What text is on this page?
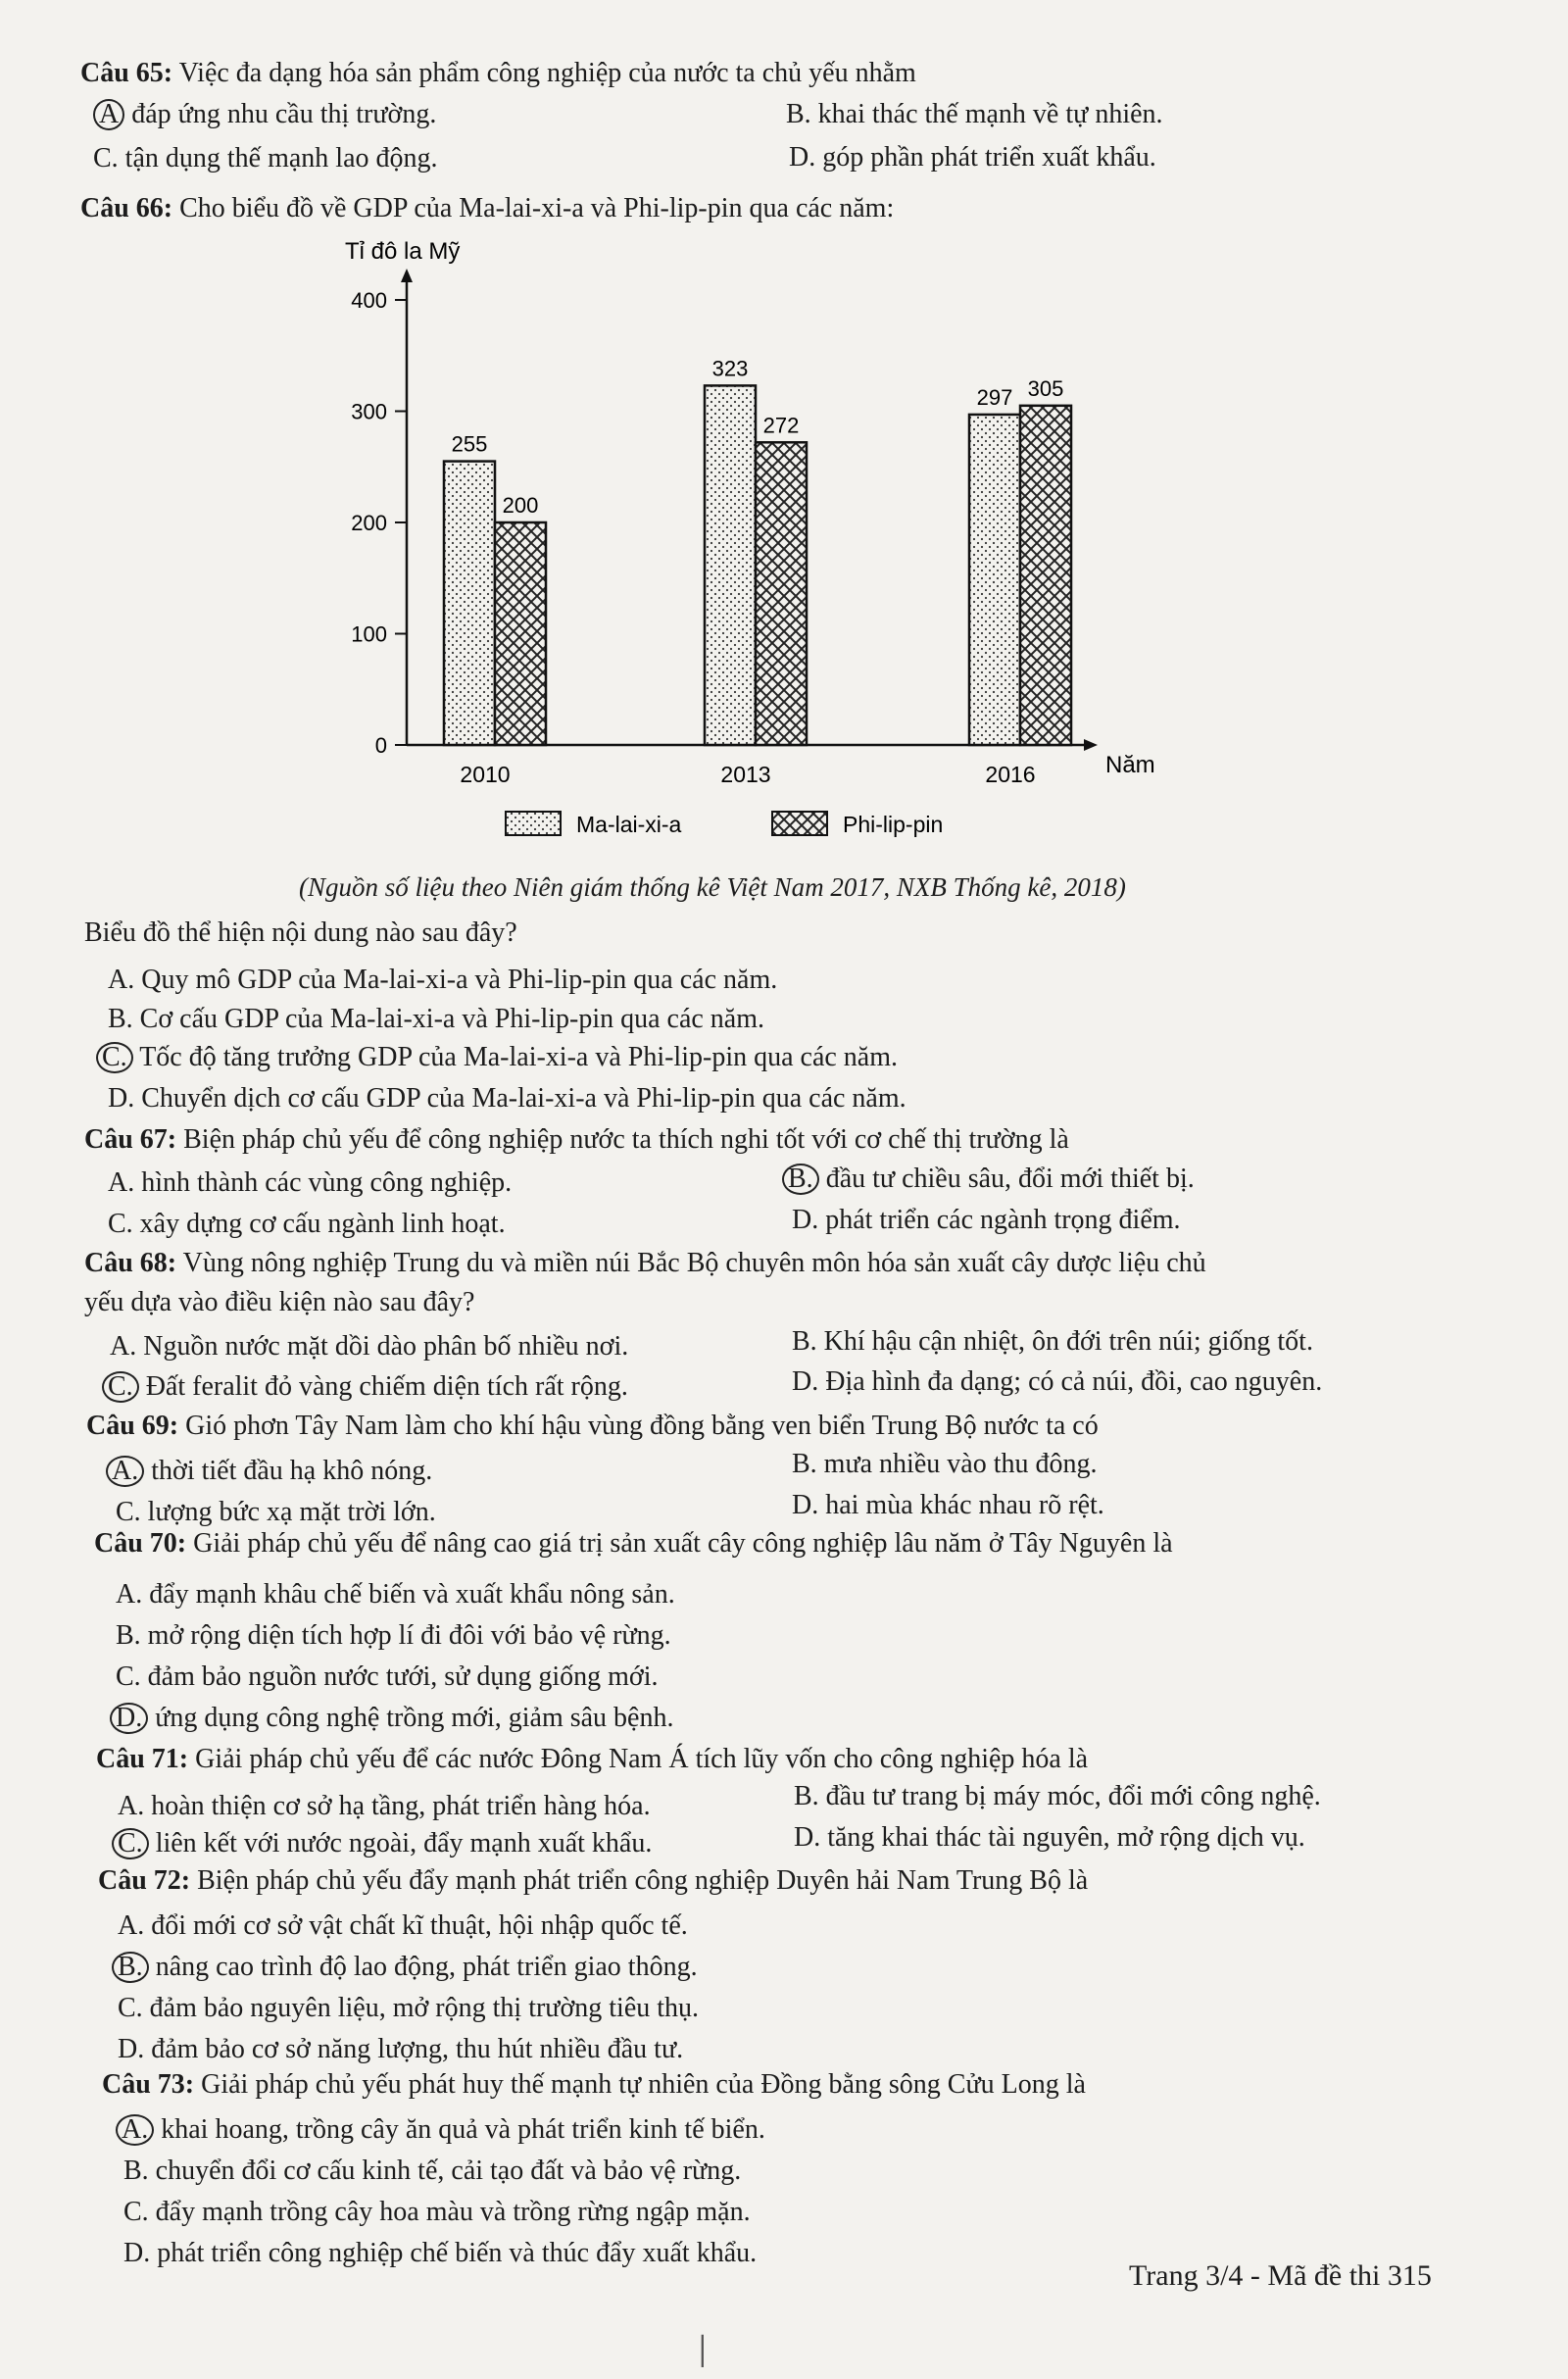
Câu 65: Việc đa dạng hóa sản phẩm công nghiệp của nước ta chủ yếu nhằm
A đáp ứng nhu cầu thị trường.	B. khai thác thế mạnh về tự nhiên.
C. tận dụng thế mạnh lao động.	D. góp phần phát triển xuất khẩu.
Câu 66: Cho biểu đồ về GDP của Ma-lai-xi-a và Phi-lip-pin qua các năm:
Tỉ đô la Mỹ
Năm
0
100
200
300
400
255
200
323
272
297 305
2010	2013	2016
Ma-lai-xi-a	Phi-lip-pin
(Nguồn số liệu theo Niên giám thống kê Việt Nam 2017, NXB Thống kê, 2018)
Biểu đồ thể hiện nội dung nào sau đây?
A. Quy mô GDP của Ma-lai-xi-a và Phi-lip-pin qua các năm.
B. Cơ cấu GDP của Ma-lai-xi-a và Phi-lip-pin qua các năm.
C. Tốc độ tăng trưởng GDP của Ma-lai-xi-a và Phi-lip-pin qua các năm.
D. Chuyển dịch cơ cấu GDP của Ma-lai-xi-a và Phi-lip-pin qua các năm.
Câu 67: Biện pháp chủ yếu để công nghiệp nước ta thích nghi tốt với cơ chế thị trường là
A. hình thành các vùng công nghiệp.	B. đầu tư chiều sâu, đổi mới thiết bị.
C. xây dựng cơ cấu ngành linh hoạt.	D. phát triển các ngành trọng điểm.
Câu 68: Vùng nông nghiệp Trung du và miền núi Bắc Bộ chuyên môn hóa sản xuất cây dược liệu chủ
yếu dựa vào điều kiện nào sau đây?
A. Nguồn nước mặt dồi dào phân bố nhiều nơi.	B. Khí hậu cận nhiệt, ôn đới trên núi; giống tốt.
C. Đất feralit đỏ vàng chiếm diện tích rất rộng.	D. Địa hình đa dạng; có cả núi, đồi, cao nguyên.
Câu 69: Gió phơn Tây Nam làm cho khí hậu vùng đồng bằng ven biển Trung Bộ nước ta có
A. thời tiết đầu hạ khô nóng.	B. mưa nhiều vào thu đông.
C. lượng bức xạ mặt trời lớn.	D. hai mùa khác nhau rõ rệt.
Câu 70: Giải pháp chủ yếu để nâng cao giá trị sản xuất cây công nghiệp lâu năm ở Tây Nguyên là
A. đẩy mạnh khâu chế biến và xuất khẩu nông sản.
B. mở rộng diện tích hợp lí đi đôi với bảo vệ rừng.
C. đảm bảo nguồn nước tưới, sử dụng giống mới.
D. ứng dụng công nghệ trồng mới, giảm sâu bệnh.
Câu 71: Giải pháp chủ yếu để các nước Đông Nam Á tích lũy vốn cho công nghiệp hóa là
A. hoàn thiện cơ sở hạ tầng, phát triển hàng hóa.	B. đầu tư trang bị máy móc, đổi mới công nghệ.
C. liên kết với nước ngoài, đẩy mạnh xuất khẩu.	D. tăng khai thác tài nguyên, mở rộng dịch vụ.
Câu 72: Biện pháp chủ yếu đẩy mạnh phát triển công nghiệp Duyên hải Nam Trung Bộ là
A. đổi mới cơ sở vật chất kĩ thuật, hội nhập quốc tế.
B. nâng cao trình độ lao động, phát triển giao thông.
C. đảm bảo nguyên liệu, mở rộng thị trường tiêu thụ.
D. đảm bảo cơ sở năng lượng, thu hút nhiều đầu tư.
Câu 73: Giải pháp chủ yếu phát huy thế mạnh tự nhiên của Đồng bằng sông Cửu Long là
A. khai hoang, trồng cây ăn quả và phát triển kinh tế biển.
B. chuyển đổi cơ cấu kinh tế, cải tạo đất và bảo vệ rừng.
C. đẩy mạnh trồng cây hoa màu và trồng rừng ngập mặn.
D. phát triển công nghiệp chế biến và thúc đẩy xuất khẩu.
Trang 3/4 - Mã đề thi 315
ǀ
